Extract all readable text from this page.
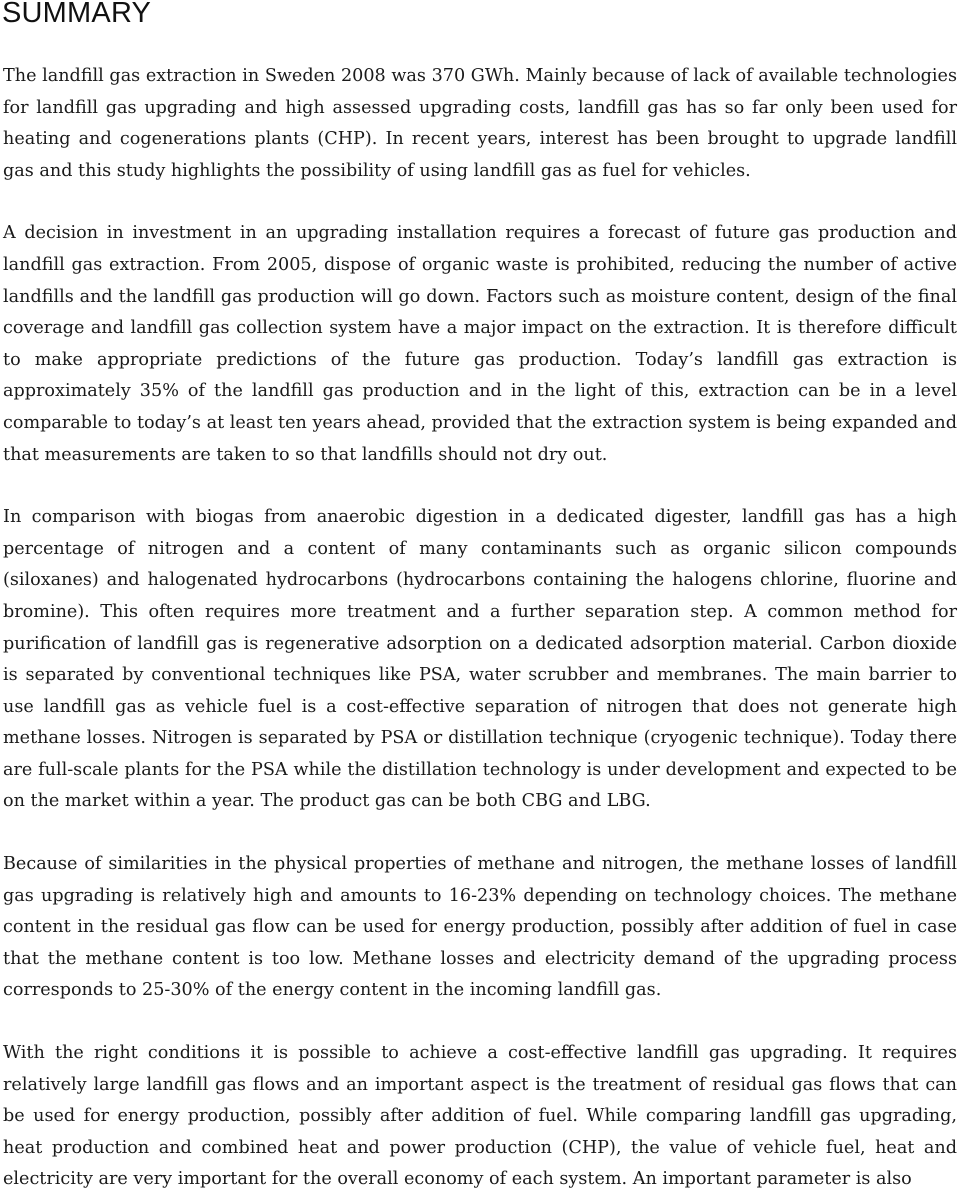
SUMMARY

The landfill gas extraction in Sweden 2008 was 370 GWh. Mainly because of lack of available technologies for landfill gas upgrading and high assessed upgrading costs, landfill gas has so far only been used for heating and cogenerations plants (CHP). In recent years, interest has been brought to upgrade landfill gas and this study highlights the possibility of using landfill gas as fuel for vehicles.

A decision in investment in an upgrading installation requires a forecast of future gas production and landfill gas extraction. From 2005, dispose of organic waste is prohibited, reducing the number of active landfills and the landfill gas production will go down. Factors such as moisture content, design of the final coverage and landfill gas collection system have a major impact on the extraction. It is therefore difficult to make appropriate predictions of the future gas production. Today’s landfill gas extraction is approximately 35% of the landfill gas production and in the light of this, extraction can be in a level comparable to today’s at least ten years ahead, provided that the extraction system is being expanded and that measurements are taken to so that landfills should not dry out.

In comparison with biogas from anaerobic digestion in a dedicated digester, landfill gas has a high percentage of nitrogen and a content of many contaminants such as organic silicon compounds (siloxanes) and halogenated hydrocarbons (hydrocarbons containing the halogens chlorine, fluorine and bromine). This often requires more treatment and a further separation step. A common method for purification of landfill gas is regenerative adsorption on a dedicated adsorption material. Carbon dioxide is separated by conventional techniques like PSA, water scrubber and membranes. The main barrier to use landfill gas as vehicle fuel is a cost-effective separation of nitrogen that does not generate high methane losses. Nitrogen is separated by PSA or distillation technique (cryogenic technique). Today there are full-scale plants for the PSA while the distillation technology is under development and expected to be on the market within a year. The product gas can be both CBG and LBG.

Because of similarities in the physical properties of methane and nitrogen, the methane losses of landfill gas upgrading is relatively high and amounts to 16-23% depending on technology choices. The methane content in the residual gas flow can be used for energy production, possibly after addition of fuel in case that the methane content is too low. Methane losses and electricity demand of the upgrading process corresponds to 25-30% of the energy content in the incoming landfill gas.

With the right conditions it is possible to achieve a cost-effective landfill gas upgrading. It requires relatively large landfill gas flows and an important aspect is the treatment of residual gas flows that can be used for energy production, possibly after addition of fuel. While comparing landfill gas upgrading, heat production and combined heat and power production (CHP), the value of vehicle fuel, heat and electricity are very important for the overall economy of each system. An important parameter is also
